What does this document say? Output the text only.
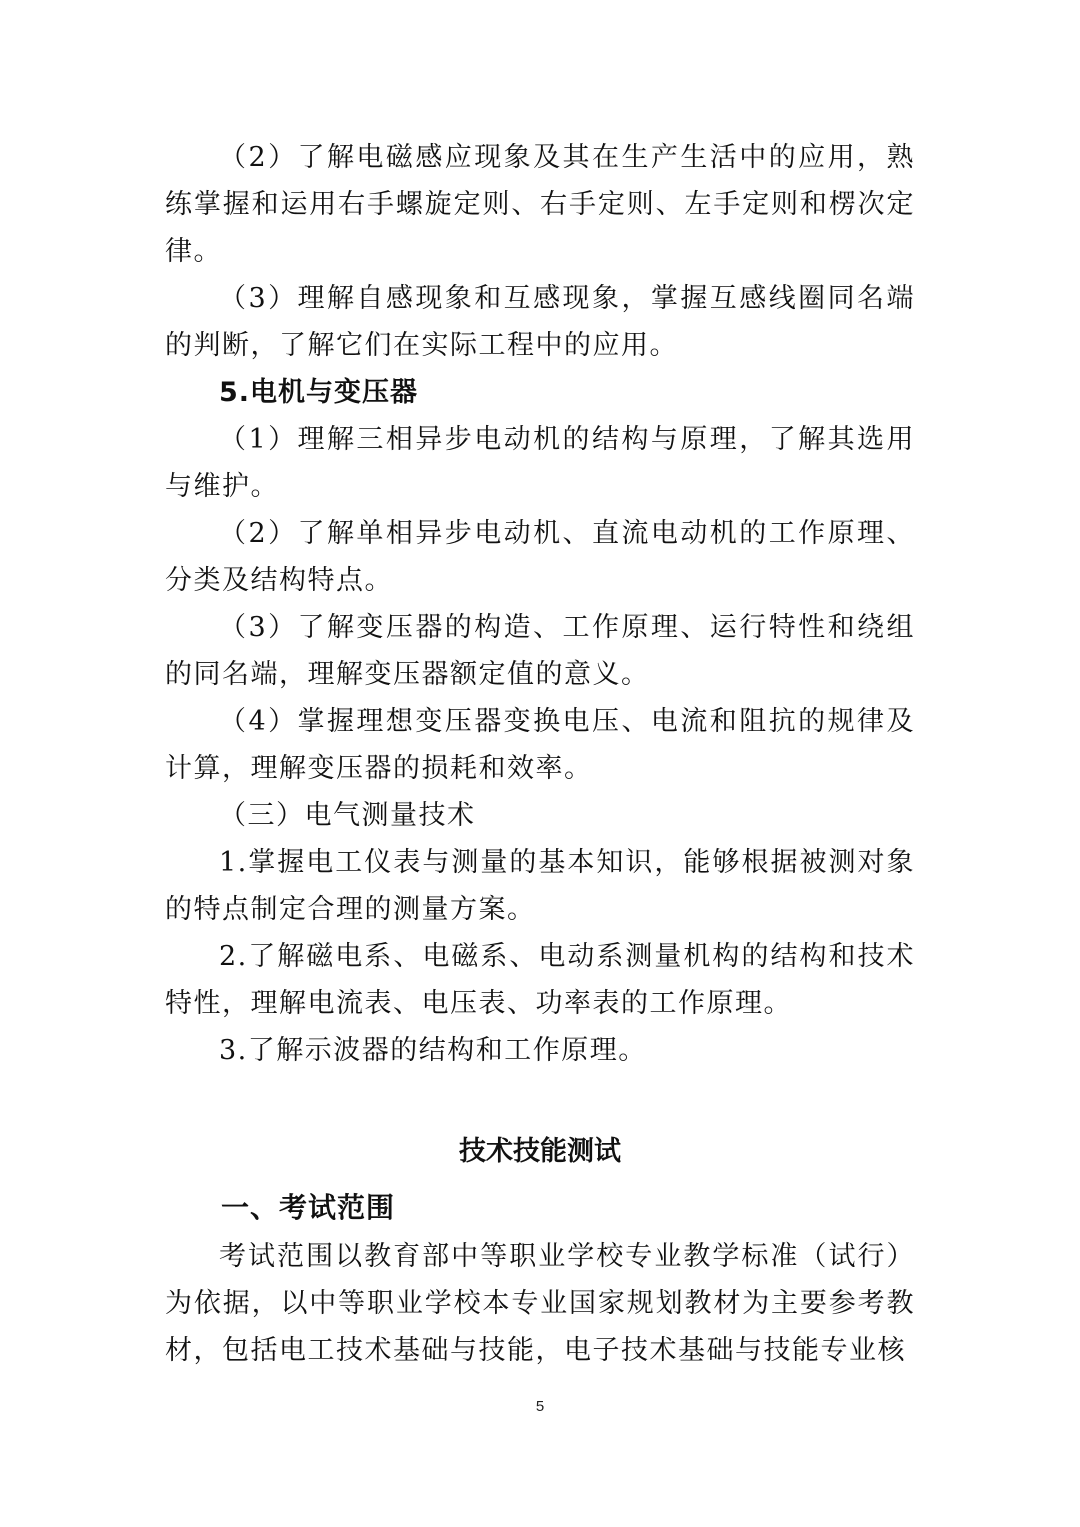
（2）了解电磁感应现象及其在生产生活中的应用，熟练掌握和运用右手螺旋定则、右手定则、左手定则和楞次定律。

（3）理解自感现象和互感现象，掌握互感线圈同名端的判断，了解它们在实际工程中的应用。

5.电机与变压器

（1）理解三相异步电动机的结构与原理，了解其选用与维护。

（2）了解单相异步电动机、直流电动机的工作原理、分类及结构特点。

（3）了解变压器的构造、工作原理、运行特性和绕组的同名端，理解变压器额定值的意义。

（4）掌握理想变压器变换电压、电流和阻抗的规律及计算，理解变压器的损耗和效率。

（三）电气测量技术

1.掌握电工仪表与测量的基本知识，能够根据被测对象的特点制定合理的测量方案。

2.了解磁电系、电磁系、电动系测量机构的结构和技术特性，理解电流表、电压表、功率表的工作原理。

3.了解示波器的结构和工作原理。

技术技能测试

一、考试范围

考试范围以教育部中等职业学校专业教学标准（试行）为依据，以中等职业学校本专业国家规划教材为主要参考教材，包括电工技术基础与技能，电子技术基础与技能专业核

5
